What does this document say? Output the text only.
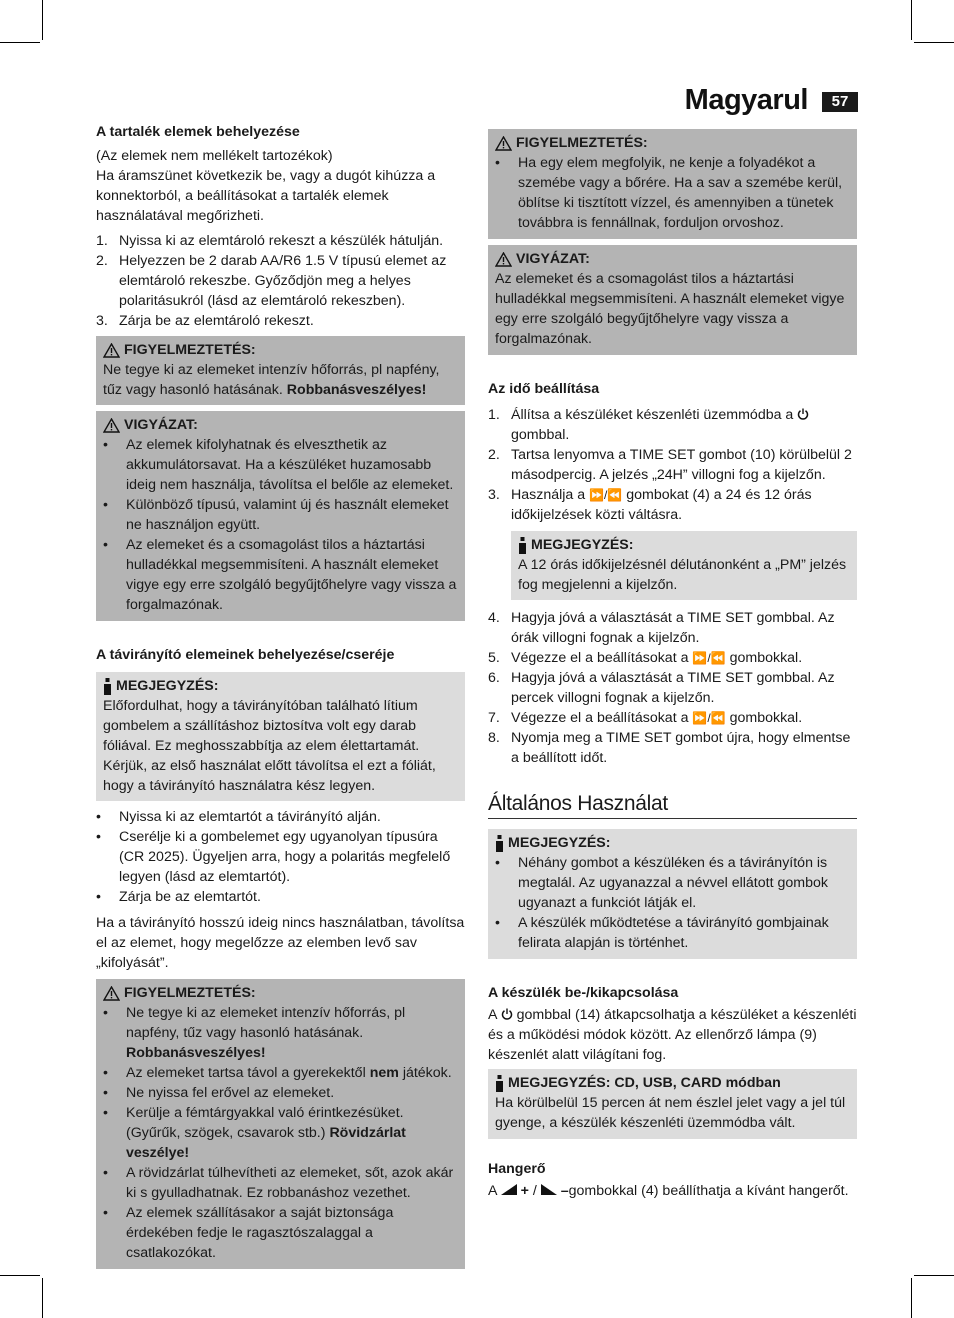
Magyarul	57

A tartalék elemek behelyezése

(Az elemek nem mellékelt tartozékok)

Ha áramszünet következik be, vagy a dugót kihúzza a konnektorból, a beállításokat a tartalék elemek használatával megőrizheti.

1. Nyissa ki az elemtároló rekeszt a készülék hátulján.
2. Helyezzen be 2 darab AA/R6 1.5 V típusú elemet az elemtároló rekeszbe. Győződjön meg a helyes polaritásukról (lásd az elemtároló rekeszben).
3. Zárja be az elemtároló rekeszt.
FIGYELMEZTETÉS:

Ne tegye ki az elemeket intenzív hőforrás, pl napfény, tűz vagy hasonló hatásának. Robbanásveszélyes!

VIGYÁZAT:
•	Az elemek kifolyhatnak és elveszthetik az akkumulátorsavat. Ha a készüléket huzamosabb ideig nem használja, távolítsa el belőle az elemeket.
•	Különböző típusú, valamint új és használt elemeket ne használjon együtt.
•	Az elemeket és a csomagolást tilos a háztartási hulladékkal megsemmisíteni. A használt elemeket vigye egy erre szolgáló begyűjtőhelyre vagy vissza a forgalmazónak.

A távirányító elemeinek behelyezése/cseréje

MEGJEGYZÉS:

Előfordulhat, hogy a távirányítóban található lítium gombelem a szállításhoz biztosítva volt egy darab fóliával. Ez meghosszabbítja az elem élettartamát. Kérjük, az első használat előtt távolítsa el ezt a fóliát, hogy a távirányító használatra kész legyen.

•	Nyissa ki az elemtartót a távirányító alján.
•	Cserélje ki a gombelemet egy ugyanolyan típusúra (CR 2025). Ügyeljen arra, hogy a polaritás megfelelő legyen (lásd az elemtartót).
•	Zárja be az elemtartót.

Ha a távirányító hosszú ideig nincs használatban, távolítsa el az elemet, hogy megelőzze az elemben levő sav „kifolyását”.

FIGYELMEZTETÉS:
•	Ne tegye ki az elemeket intenzív hőforrás, pl napfény, tűz vagy hasonló hatásának. Robbanásveszélyes!
•	Az elemeket tartsa távol a gyerekektől nem játékok.
•	Ne nyissa fel erővel az elemeket.
•	Kerülje a fémtárgyakkal való érintkezésüket. (Gyűrűk, szögek, csavarok stb.) Rövidzárlat veszélye!
•	A rövidzárlat túlhevítheti az elemeket, sőt, azok akár ki s gyulladhatnak. Ez robbanáshoz vezethet.
•	Az elemek szállításakor a saját biztonsága érdekében fedje le ragasztószalaggal a csatlakozókat.
FIGYELMEZTETÉS:
•	Ha egy elem megfolyik, ne kenje a folyadékot a szemébe vagy a bőrére. Ha a sav a szemébe kerül, öblítse ki tisztított vízzel, és amennyiben a tünetek továbbra is fennállnak, forduljon orvoshoz.
VIGYÁZAT:

Az elemeket és a csomagolást tilos a háztartási hulladékkal megsemmisíteni. A használt elemeket vigye egy erre szolgáló begyűjtőhelyre vagy vissza a forgalmazónak.

Az idő beállítása

1. Állítsa a készüléket készenléti üzemmódba a gombbal.
2. Tartsa lenyomva a TIME SET gombot (10) körülbelül 2 másodpercig. A jelzés „24H” villogni fog a kijelzőn.
3. Használja a ⏩/⏪ gombokat (4) a 24 és 12 órás időkijelzések közti váltásra.
MEGJEGYZÉS:

A 12 órás időkijelzésnél délutánonként a „PM” jelzés fog megjelenni a kijelzőn.

4. Hagyja jóvá a választását a TIME SET gombbal. Az órák villogni fognak a kijelzőn.
5. Végezze el a beállításokat a ⏩/⏪ gombokkal.
6. Hagyja jóvá a választását a TIME SET gombbal. Az percek villogni fognak a kijelzőn.
7. Végezze el a beállításokat a ⏩/⏪ gombokkal.
8. Nyomja meg a TIME SET gombot újra, hogy elmentse a beállított időt.

Általános Használat

MEGJEGYZÉS:
•	Néhány gombot a készüléken és a távirányítón is megtalál. Az ugyanazzal a névvel ellátott gombok ugyanazt a funkciót látják el.
•	A készülék működtetése a távirányító gombjainak felirata alapján is történhet.

A készülék be-/kikapcsolása

A gombbal (14) átkapcsolhatja a készüléket a készenléti és a működési módok között. Az ellenőrző lámpa (9) készenlét alatt világítani fog.

MEGJEGYZÉS: CD, USB, CARD módban

Ha körülbelül 15 percen át nem észlel jelet vagy a jel túl gyenge, a készülék készenléti üzemmódba vált.

Hangerő

A + / –gombokkal (4) beállíthatja a kívánt hangerőt.
